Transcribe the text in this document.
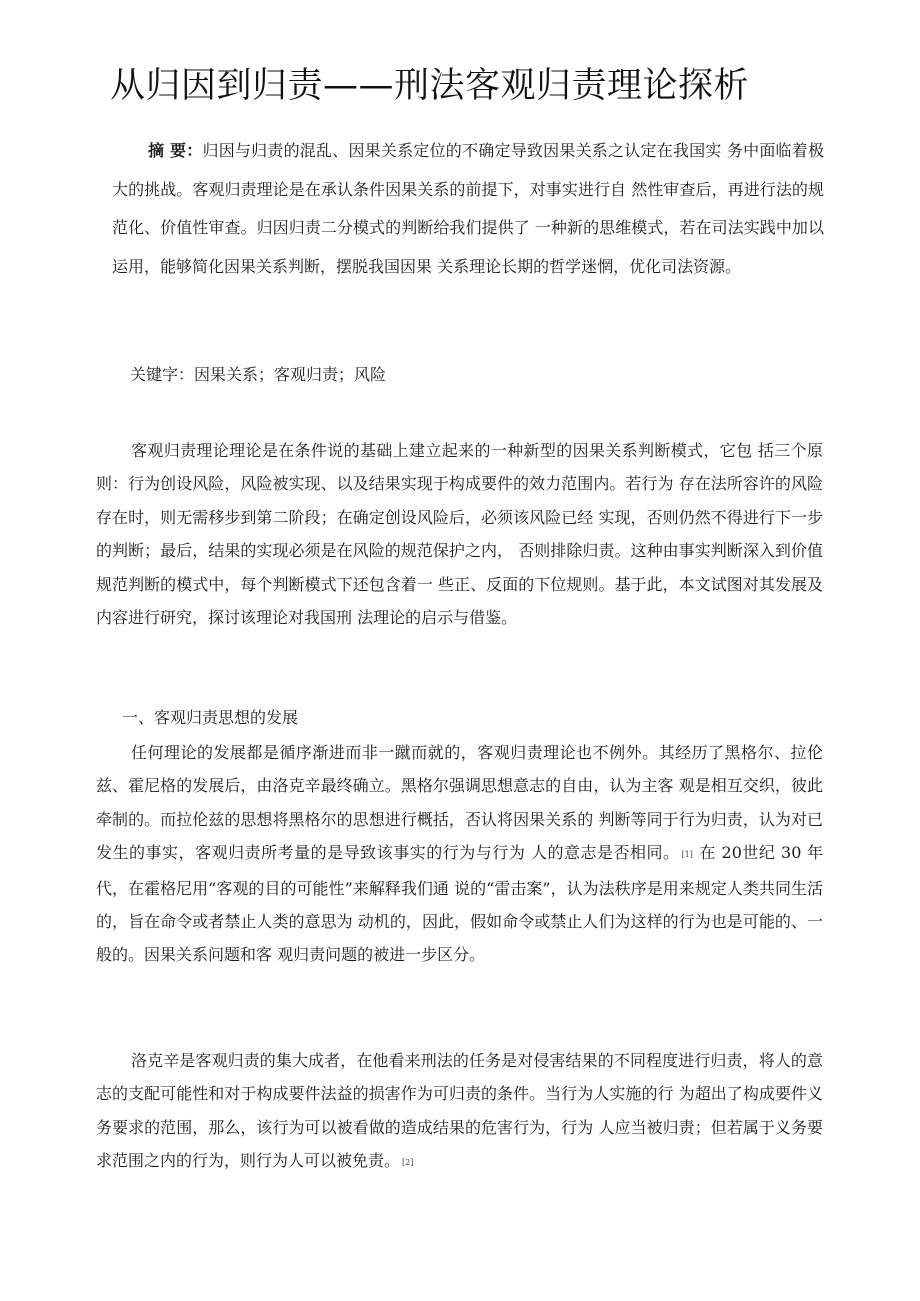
从归因到归责——刑法客观归责理论探析

摘 要：归因与归责的混乱、因果关系定位的不确定导致因果关系之认定在我国实 务中面临着极大的挑战。客观归责理论是在承认条件因果关系的前提下，对事实进行自 然性审查后，再进行法的规范化、价值性审查。归因归责二分模式的判断给我们提供了 一种新的思维模式，若在司法实践中加以运用，能够简化因果关系判断，摆脱我国因果 关系理论长期的哲学迷惘，优化司法资源。

关键字：因果关系；客观归责；风险

客观归责理论理论是在条件说的基础上建立起来的一种新型的因果关系判断模式，它包 括三个原则：行为创设风险，风险被实现、以及结果实现于构成要件的效力范围内。若行为 存在法所容许的风险存在时，则无需移步到第二阶段；在确定创设风险后，必须该风险已经 实现，否则仍然不得进行下一步的判断；最后，结果的实现必须是在风险的规范保护之内， 否则排除归责。这种由事实判断深入到价值规范判断的模式中，每个判断模式下还包含着一 些正、反面的下位规则。基于此，本文试图对其发展及内容进行研究，探讨该理论对我国刑 法理论的启示与借鉴。

一、客观归责思想的发展

任何理论的发展都是循序渐进而非一蹴而就的，客观归责理论也不例外。其经历了黑格尔、拉伦兹、霍尼格的发展后，由洛克辛最终确立。黑格尔强调思想意志的自由，认为主客 观是相互交织，彼此牵制的。而拉伦兹的思想将黑格尔的思想进行概括，否认将因果关系的 判断等同于行为归责，认为对已发生的事实，客观归责所考量的是导致该事实的行为与行为 人的意志是否相同。 [1] 在 20世纪 30 年代，在霍格尼用“客观的目的可能性”来解释我们通 说的“雷击案”，认为法秩序是用来规定人类共同生活的，旨在命令或者禁止人类的意思为 动机的，因此，假如命令或禁止人们为这样的行为也是可能的、一般的。因果关系问题和客 观归责问题的被进一步区分。

洛克辛是客观归责的集大成者，在他看来刑法的任务是对侵害结果的不同程度进行归责，将人的意志的支配可能性和对于构成要件法益的损害作为可归责的条件。当行为人实施的行 为超出了构成要件义务要求的范围，那么，该行为可以被看做的造成结果的危害行为，行为 人应当被归责；但若属于义务要求范围之内的行为，则行为人可以被免责。 [2]
